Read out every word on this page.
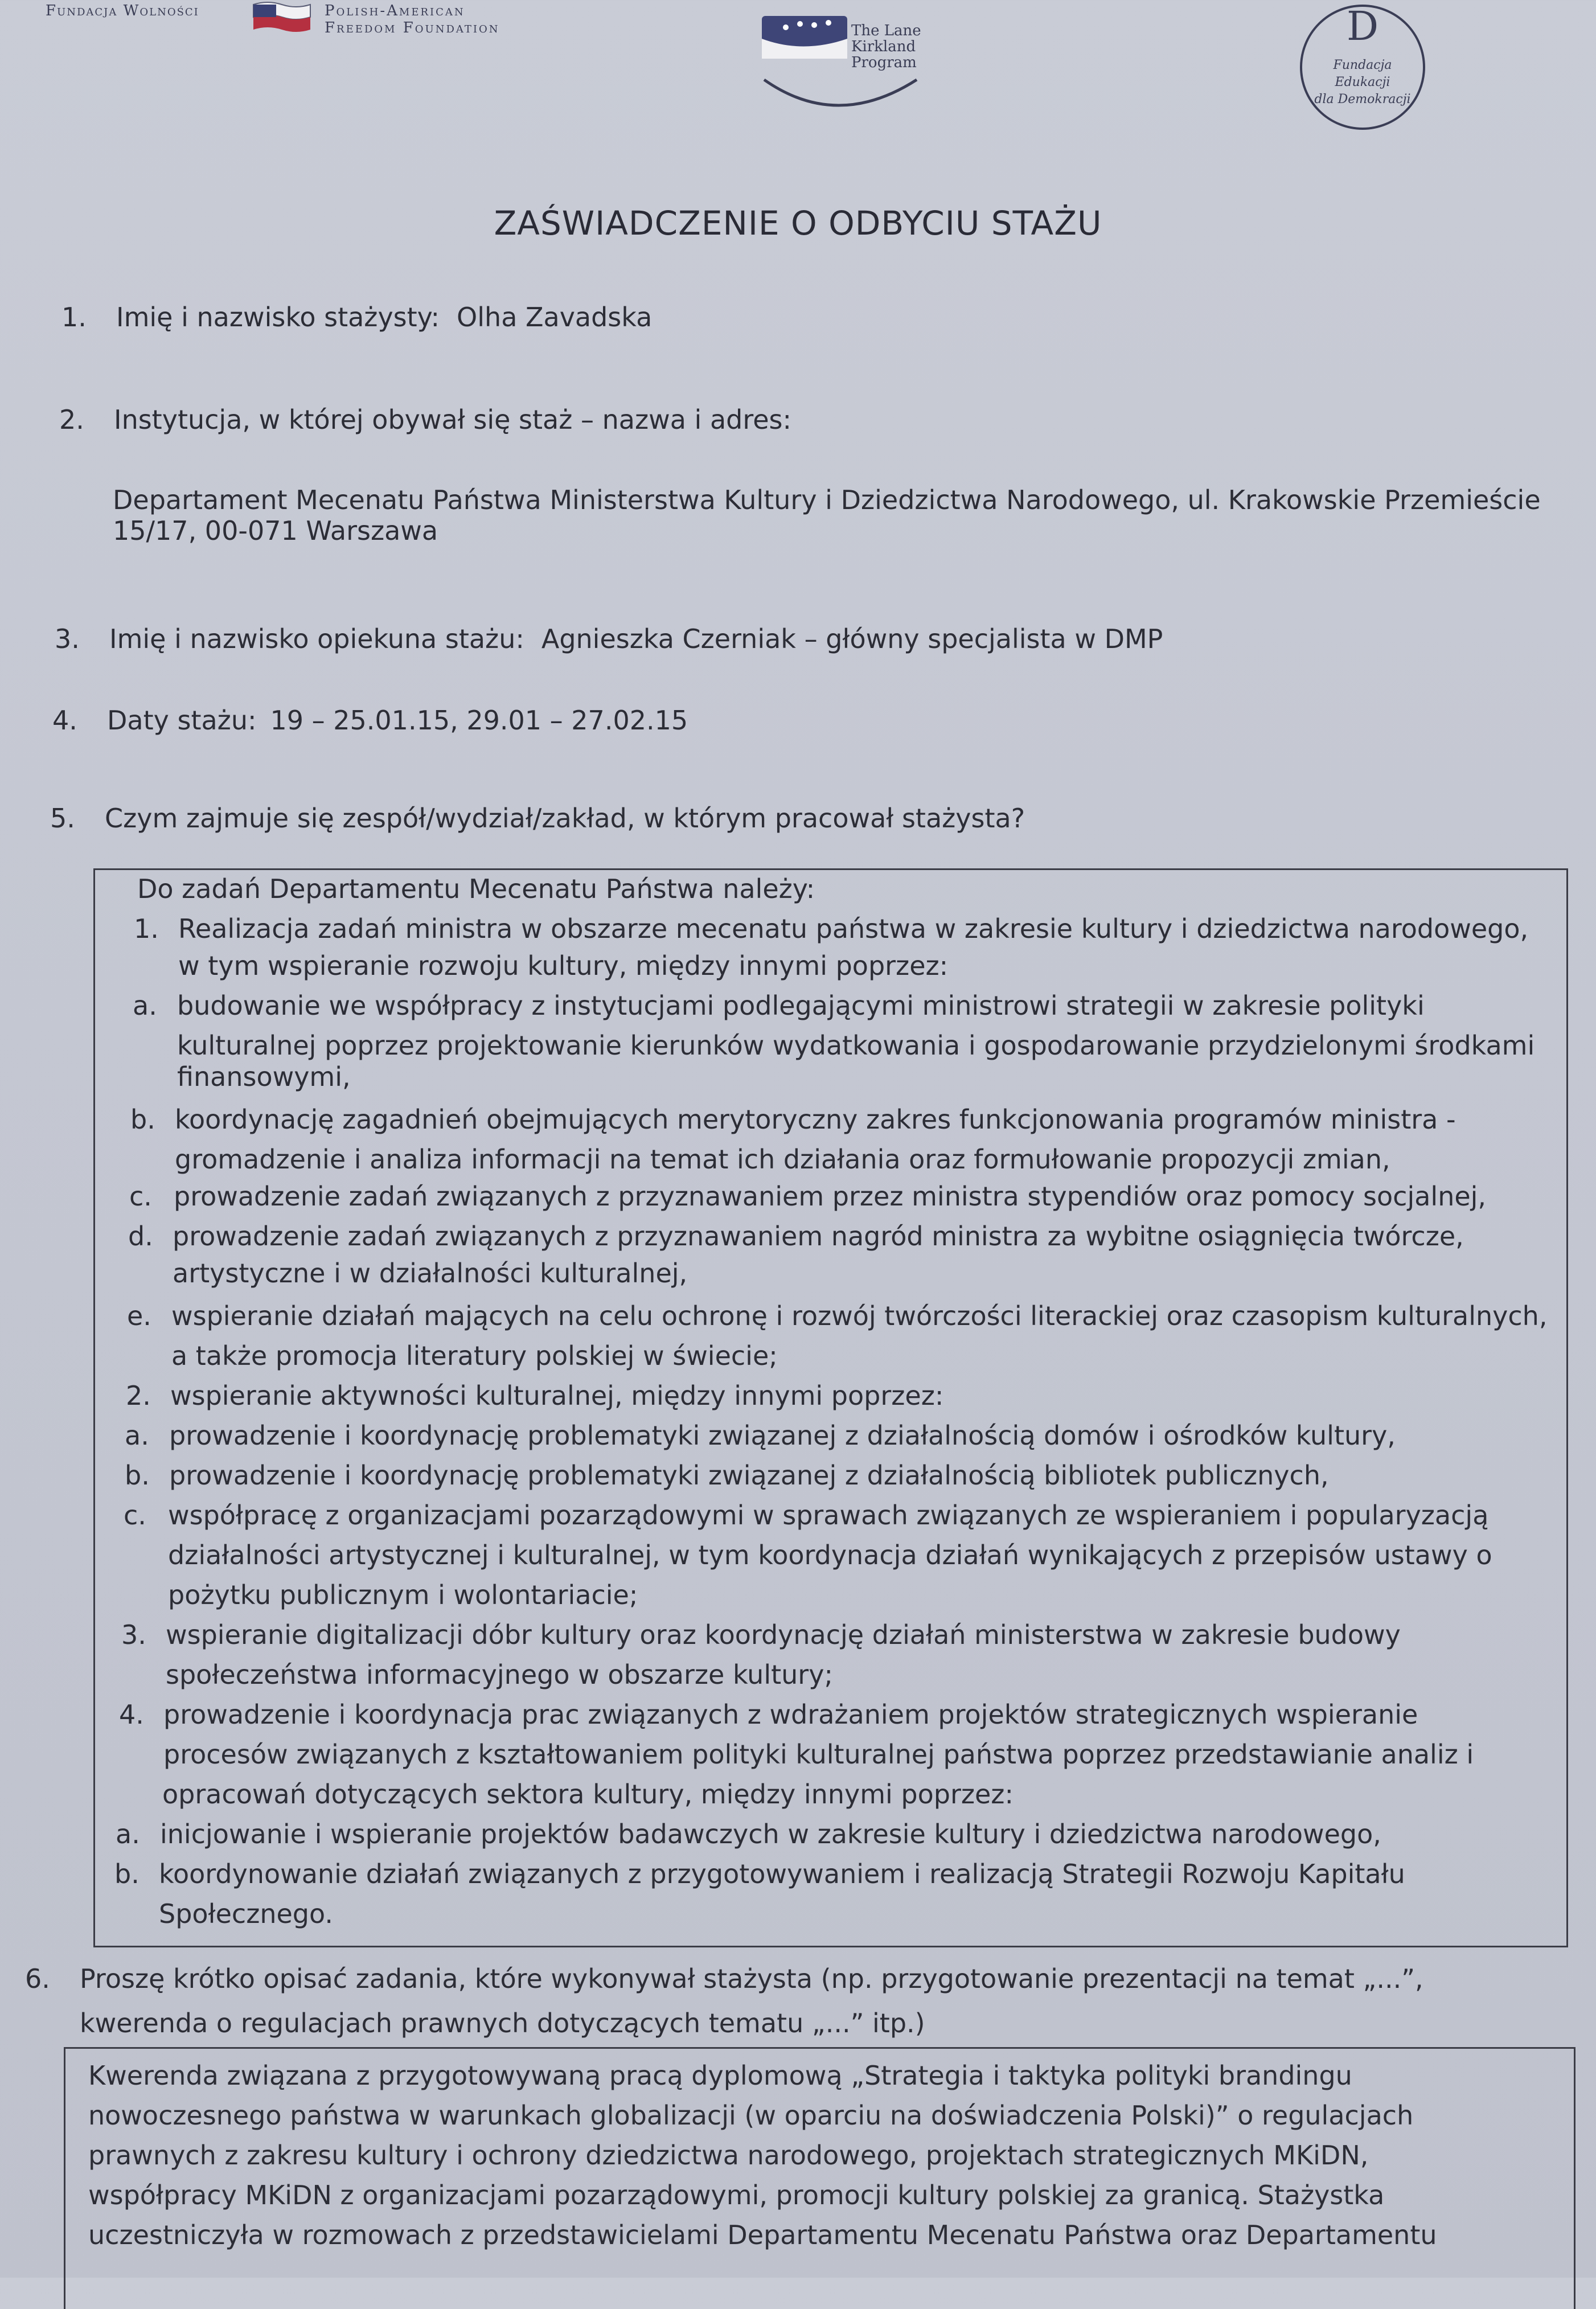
Fundacja Wolności	Polish-American
Freedom Foundation	The Lane
Kirkland
Program
D
Fundacja Edukacji
dla Demokracji
ZAŚWIADCZENIE O ODBYCIU STAŻU
1. Imię i nazwisko stażysty: Olha Zavadska
2. Instytucja, w której obywał się staż – nazwa i adres:
Departament Mecenatu Państwa Ministerstwa Kultury i Dziedzictwa Narodowego, ul. Krakowskie Przemieście
15/17, 00-071 Warszawa
3. Imię i nazwisko opiekuna stażu: Agnieszka Czerniak – główny specjalista w DMP
4. Daty stażu: 19 – 25.01.15, 29.01 – 27.02.15
5. Czym zajmuje się zespół/wydział/zakład, w którym pracował stażysta?
Do zadań Departamentu Mecenatu Państwa należy:
1. Realizacja zadań ministra w obszarze mecenatu państwa w zakresie kultury i dziedzictwa narodowego,
w tym wspieranie rozwoju kultury, między innymi poprzez:
a. budowanie we współpracy z instytucjami podlegającymi ministrowi strategii w zakresie polityki
kulturalnej poprzez projektowanie kierunków wydatkowania i gospodarowanie przydzielonymi środkami
finansowymi,
b. koordynację zagadnień obejmujących merytoryczny zakres funkcjonowania programów ministra -
gromadzenie i analiza informacji na temat ich działania oraz formułowanie propozycji zmian,
c. prowadzenie zadań związanych z przyznawaniem przez ministra stypendiów oraz pomocy socjalnej,
d. prowadzenie zadań związanych z przyznawaniem nagród ministra za wybitne osiągnięcia twórcze,
artystyczne i w działalności kulturalnej,
e. wspieranie działań mających na celu ochronę i rozwój twórczości literackiej oraz czasopism kulturalnych,
a także promocja literatury polskiej w świecie;
2. wspieranie aktywności kulturalnej, między innymi poprzez:
a. prowadzenie i koordynację problematyki związanej z działalnością domów i ośrodków kultury,
b. prowadzenie i koordynację problematyki związanej z działalnością bibliotek publicznych,
c. współpracę z organizacjami pozarządowymi w sprawach związanych ze wspieraniem i popularyzacją
działalności artystycznej i kulturalnej, w tym koordynacja działań wynikających z przepisów ustawy o
pożytku publicznym i wolontariacie;
3. wspieranie digitalizacji dóbr kultury oraz koordynację działań ministerstwa w zakresie budowy
społeczeństwa informacyjnego w obszarze kultury;
4. prowadzenie i koordynacja prac związanych z wdrażaniem projektów strategicznych wspieranie
procesów związanych z kształtowaniem polityki kulturalnej państwa poprzez przedstawianie analiz i
opracowań dotyczących sektora kultury, między innymi poprzez:
a. inicjowanie i wspieranie projektów badawczych w zakresie kultury i dziedzictwa narodowego,
b. koordynowanie działań związanych z przygotowywaniem i realizacją Strategii Rozwoju Kapitału
Społecznego.
6. Proszę krótko opisać zadania, które wykonywał stażysta (np. przygotowanie prezentacji na temat „...”,
kwerenda o regulacjach prawnych dotyczących tematu „...” itp.)
Kwerenda związana z przygotowywaną pracą dyplomową „Strategia i taktyka polityki brandingu
nowoczesnego państwa w warunkach globalizacji (w oparciu na doświadczenia Polski)” o regulacjach
prawnych z zakresu kultury i ochrony dziedzictwa narodowego, projektach strategicznych MKiDN,
współpracy MKiDN z organizacjami pozarządowymi, promocji kultury polskiej za granicą. Stażystka
uczestniczyła w rozmowach z przedstawicielami Departamentu Mecenatu Państwa oraz Departamentu
